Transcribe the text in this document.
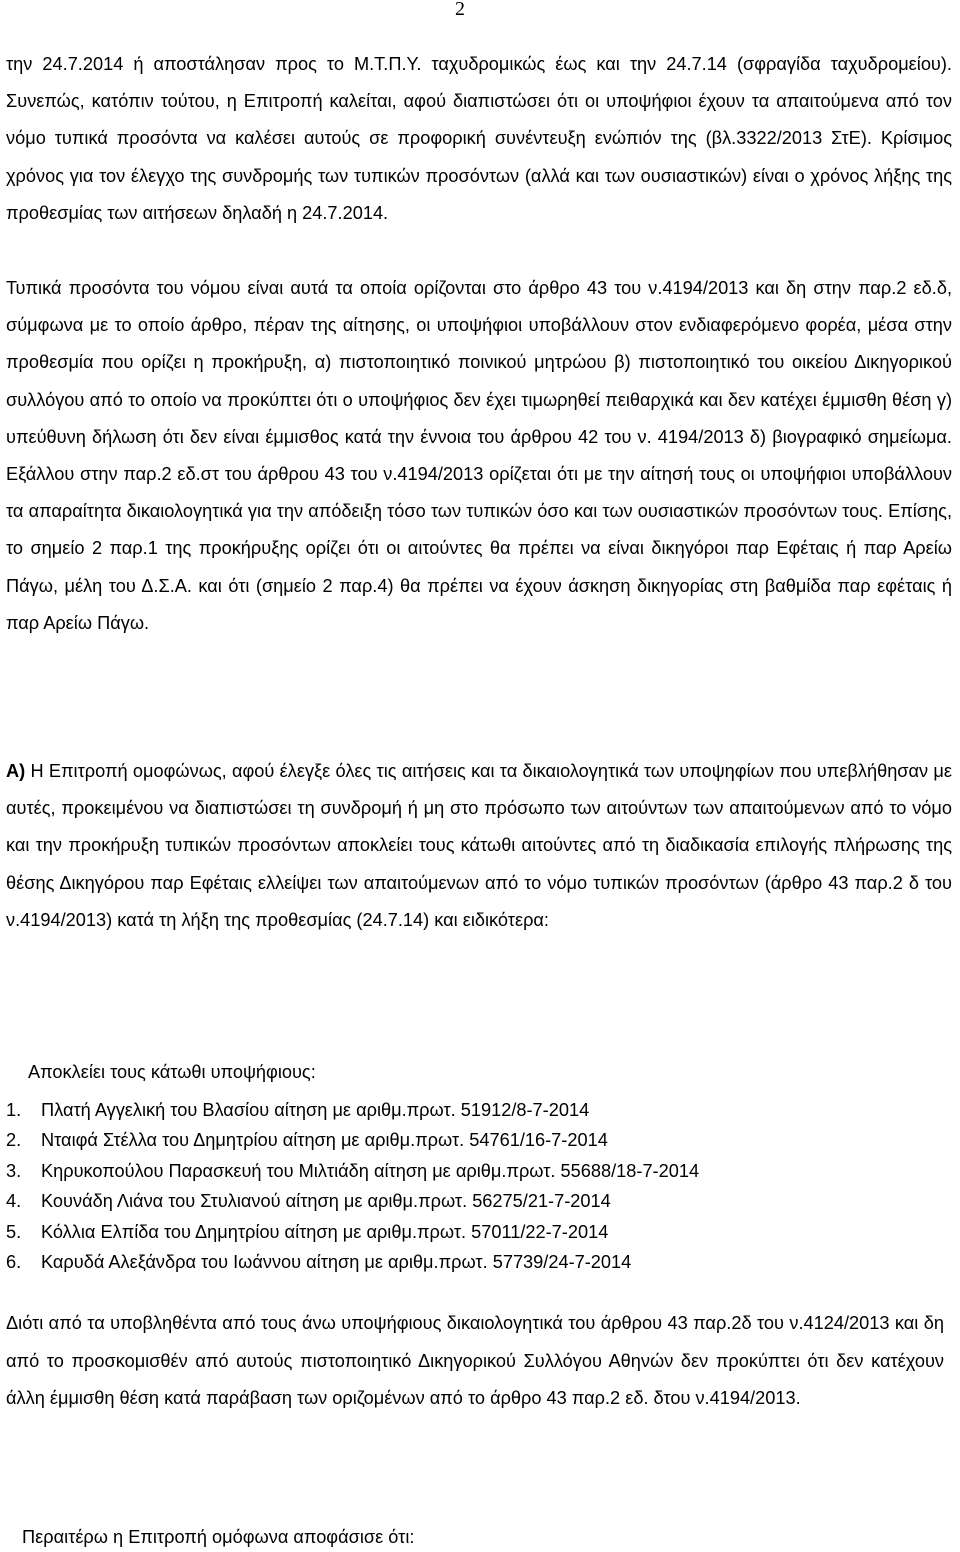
2

την 24.7.2014 ή αποστάλησαν προς το Μ.Τ.Π.Υ. ταχυδρομικώς έως και την 24.7.14 (σφραγίδα ταχυδρομείου). Συνεπώς, κατόπιν τούτου, η Επιτροπή καλείται, αφού διαπιστώσει ότι οι υποψήφιοι έχουν τα απαιτούμενα από τον νόμο τυπικά προσόντα να καλέσει αυτούς σε προφορική συνέντευξη ενώπιόν της (βλ.3322/2013 ΣτΕ). Κρίσιμος χρόνος για τον έλεγχο της συνδρομής των τυπικών προσόντων (αλλά και των ουσιαστικών) είναι ο χρόνος λήξης της προθεσμίας των αιτήσεων δηλαδή η 24.7.2014.

Τυπικά προσόντα του νόμου είναι αυτά τα οποία ορίζονται στο άρθρο 43 του ν.4194/2013 και δη στην παρ.2 εδ.δ, σύμφωνα με το οποίο άρθρο, πέραν της αίτησης, οι υποψήφιοι υποβάλλουν στον ενδιαφερόμενο φορέα, μέσα στην προθεσμία που ορίζει η προκήρυξη, α) πιστοποιητικό ποινικού μητρώου β) πιστοποιητικό του οικείου Δικηγορικού συλλόγου από το οποίο να προκύπτει ότι ο υποψήφιος δεν έχει τιμωρηθεί πειθαρχικά και δεν κατέχει έμμισθη θέση γ) υπεύθυνη δήλωση ότι δεν είναι έμμισθος κατά την έννοια του άρθρου 42 του ν. 4194/2013 δ) βιογραφικό σημείωμα. Εξάλλου στην παρ.2 εδ.στ του άρθρου 43 του ν.4194/2013 ορίζεται ότι με την αίτησή τους οι υποψήφιοι υποβάλλουν τα απαραίτητα δικαιολογητικά για την απόδειξη τόσο των τυπικών όσο και των ουσιαστικών προσόντων τους. Επίσης, το σημείο 2 παρ.1 της προκήρυξης ορίζει ότι οι αιτούντες θα πρέπει να είναι δικηγόροι παρ Εφέταις ή παρ Αρείω Πάγω, μέλη του Δ.Σ.Α. και ότι (σημείο 2 παρ.4) θα πρέπει να έχουν άσκηση δικηγορίας στη βαθμίδα παρ εφέταις ή παρ Αρείω Πάγω.

Α) Η Επιτροπή ομοφώνως, αφού έλεγξε όλες τις αιτήσεις και τα δικαιολογητικά των υποψηφίων που υπεβλήθησαν με αυτές, προκειμένου να διαπιστώσει τη συνδρομή ή μη στο πρόσωπο των αιτούντων των απαιτούμενων από το νόμο και την προκήρυξη τυπικών προσόντων αποκλείει τους κάτωθι αιτούντες από τη διαδικασία επιλογής πλήρωσης της θέσης Δικηγόρου παρ Εφέταις ελλείψει των απαιτούμενων από το νόμο τυπικών προσόντων (άρθρο 43 παρ.2 δ του ν.4194/2013) κατά τη λήξη της προθεσμίας (24.7.14) και ειδικότερα:

Αποκλείει τους κάτωθι υποψήφιους:

1.	Πλατή Αγγελική του Βλασίου αίτηση με αριθμ.πρωτ. 51912/8-7-2014
2.	Νταιφά Στέλλα του Δημητρίου αίτηση με αριθμ.πρωτ. 54761/16-7-2014
3.	Κηρυκοπούλου Παρασκευή του Μιλτιάδη αίτηση με αριθμ.πρωτ. 55688/18-7-2014
4.	Κουνάδη Λιάνα του Στυλιανού αίτηση με αριθμ.πρωτ. 56275/21-7-2014
5.	Κόλλια Ελπίδα του Δημητρίου αίτηση με αριθμ.πρωτ. 57011/22-7-2014
6.	Καρυδά Αλεξάνδρα του Ιωάννου αίτηση με αριθμ.πρωτ. 57739/24-7-2014

Διότι από τα υποβληθέντα από τους άνω υποψήφιους δικαιολογητικά του άρθρου 43 παρ.2δ του ν.4124/2013 και δη από το προσκομισθέν από αυτούς πιστοποιητικό Δικηγορικού Συλλόγου Αθηνών δεν προκύπτει ότι δεν κατέχουν άλλη έμμισθη θέση κατά παράβαση των οριζομένων από το άρθρο 43 παρ.2 εδ. δτου ν.4194/2013.

Περαιτέρω η Επιτροπή ομόφωνα αποφάσισε ότι:
